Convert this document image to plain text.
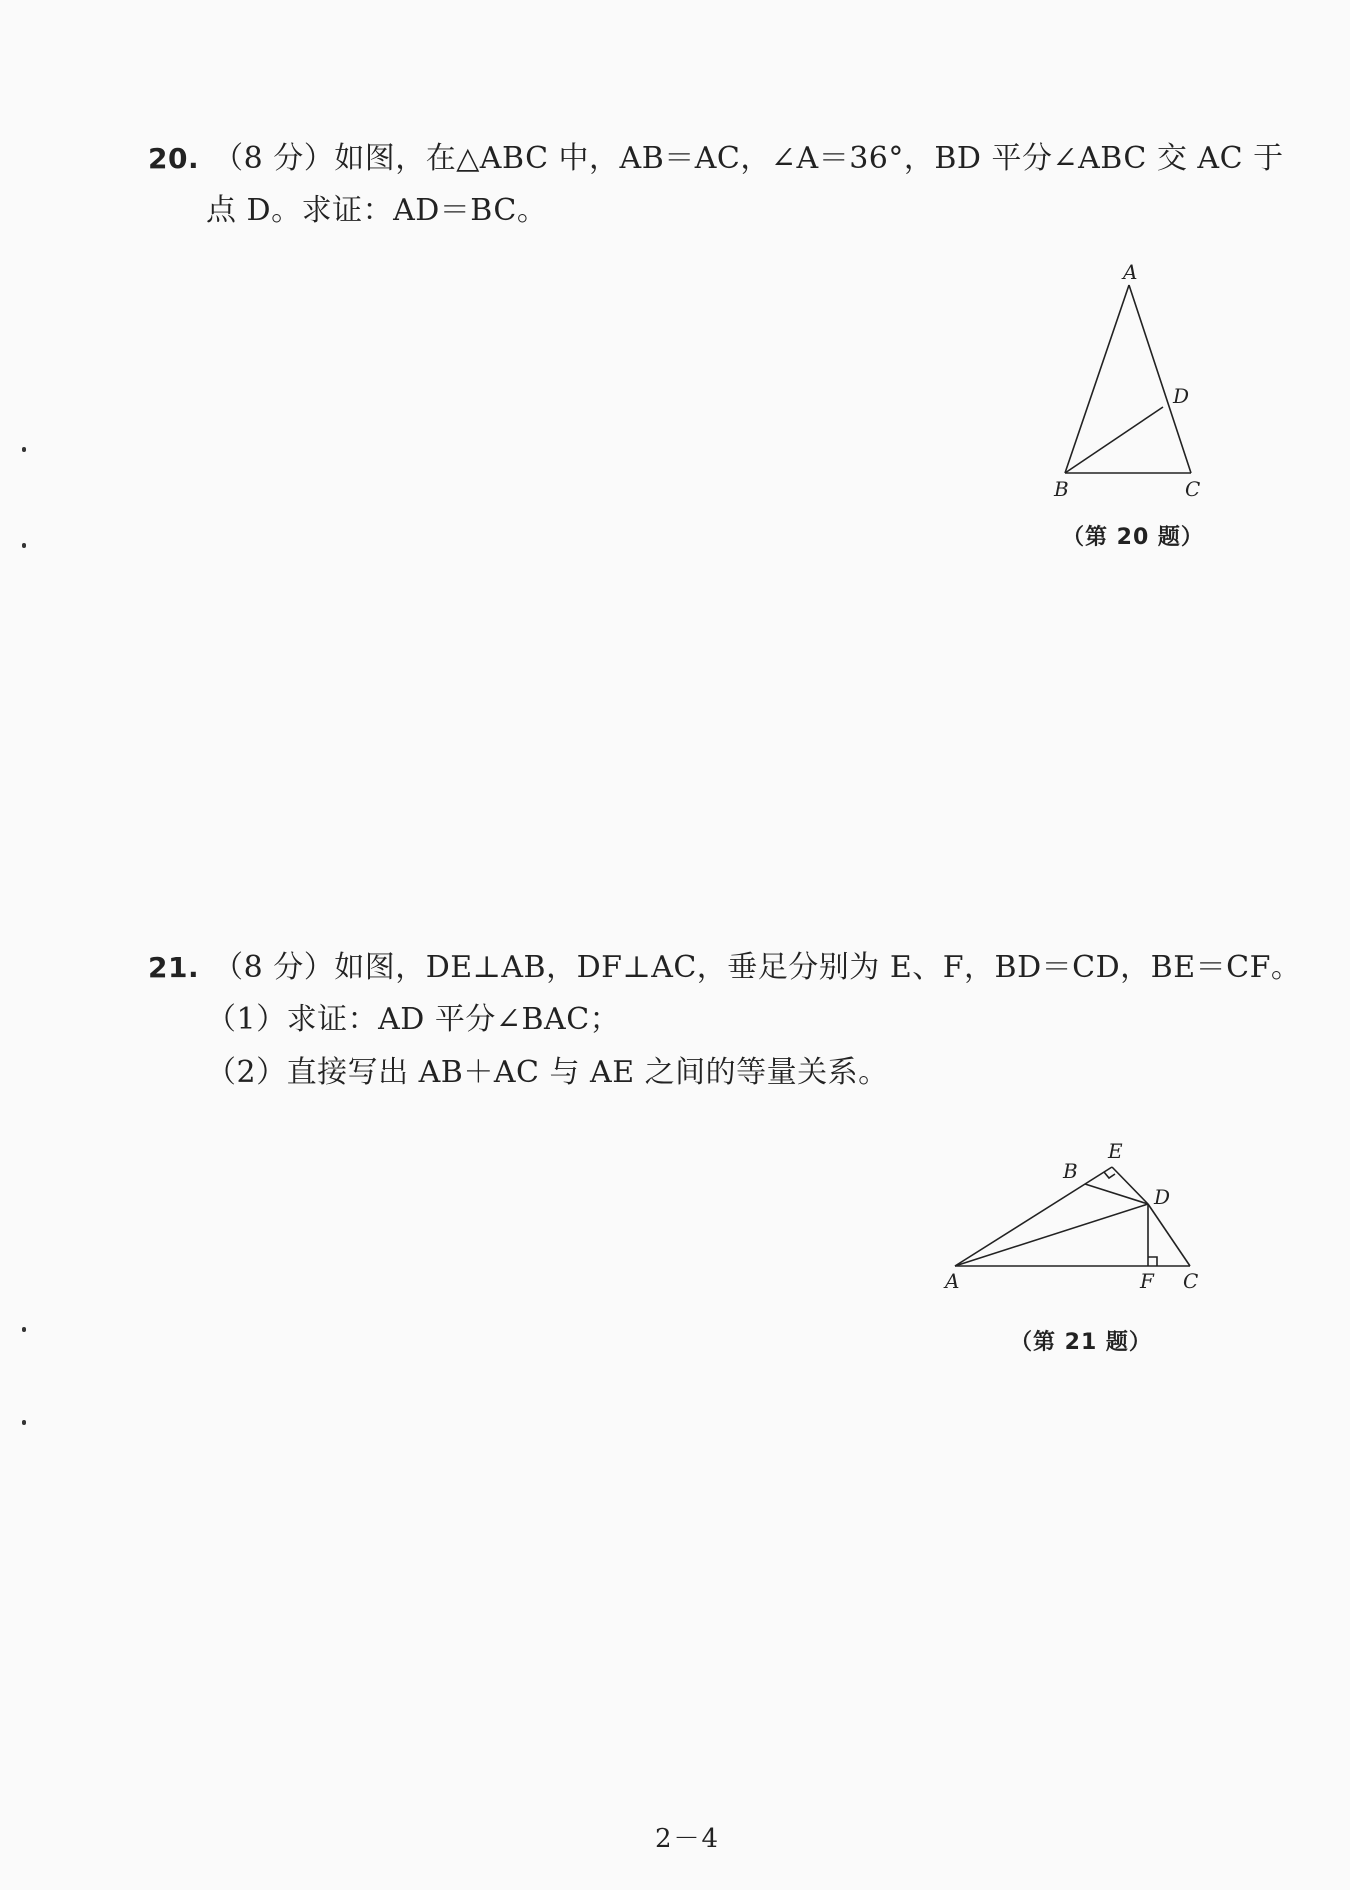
20. （8 分）如图，在△ABC 中，AB＝AC，∠A＝36°，BD 平分∠ABC 交 AC 于
点 D。求证：AD＝BC。
A
D
B	C
（第 20 题）
21. （8 分）如图，DE⊥AB，DF⊥AC，垂足分别为 E、F，BD＝CD，BE＝CF。
（1）求证：AD 平分∠BAC；
（2）直接写出 AB＋AC 与 AE 之间的等量关系。
E
B
D
A	F C
（第 21 题）
2－4
